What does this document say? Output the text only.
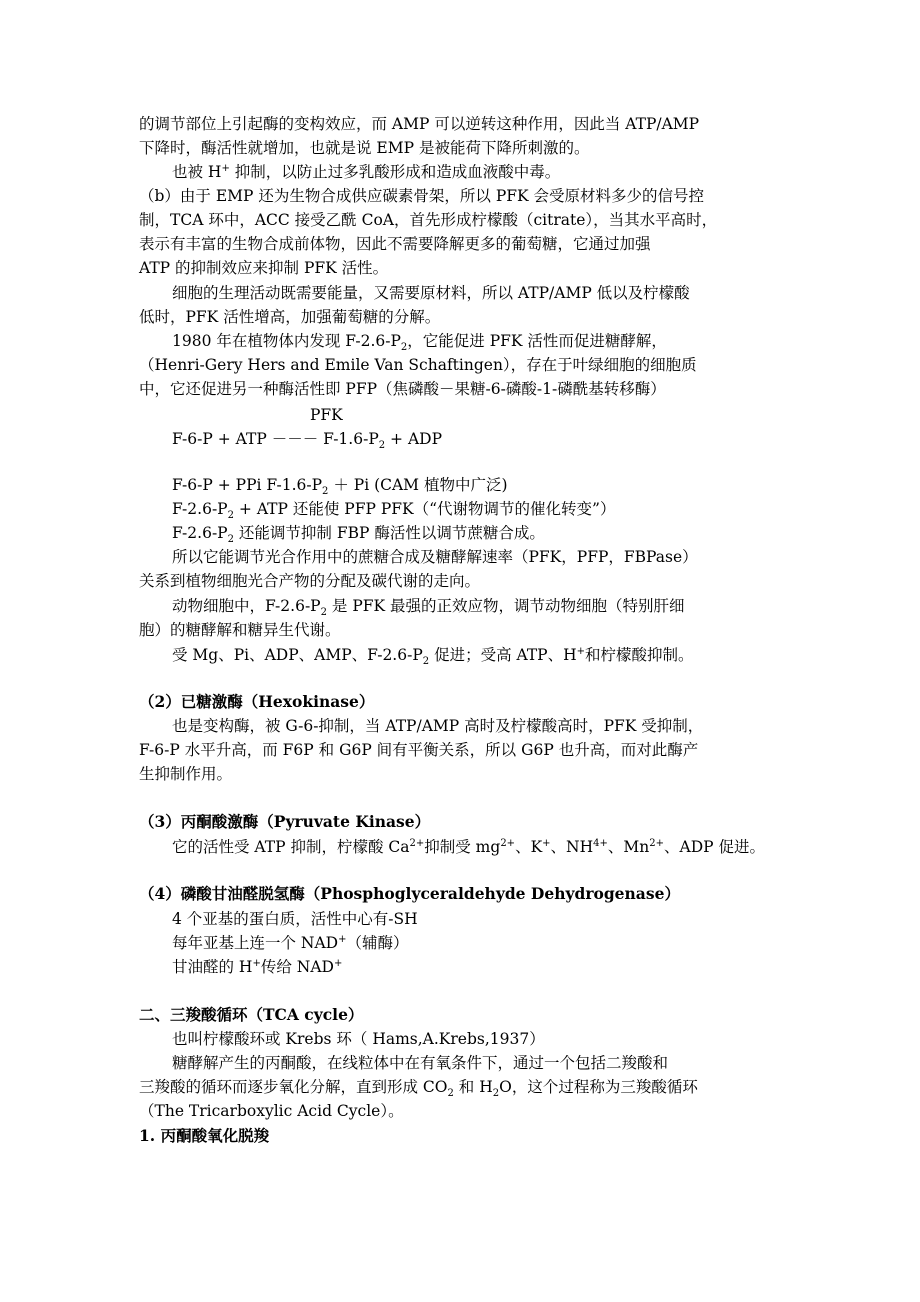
的调节部位上引起酶的变构效应，而 AMP 可以逆转这种作用，因此当 ATP/AMP
下降时，酶活性就增加，也就是说 EMP 是被能荷下降所刺激的。
也被 H+ 抑制，以防止过多乳酸形成和造成血液酸中毒。
（b）由于 EMP 还为生物合成供应碳素骨架，所以 PFK 会受原材料多少的信号控
制，TCA 环中，ACC 接受乙酰 CoA，首先形成柠檬酸（citrate），当其水平高时，
表示有丰富的生物合成前体物，因此不需要降解更多的葡萄糖，它通过加强
ATP 的抑制效应来抑制 PFK 活性。
细胞的生理活动既需要能量，又需要原材料，所以 ATP/AMP 低以及柠檬酸
低时，PFK 活性增高，加强葡萄糖的分解。
1980 年在植物体内发现 $F-2.6-P_2$，它能促进 PFK 活性而促进糖酵解，
（Henri-Gery Hers and Emile Van Schaftingen），存在于叶绿细胞的细胞质
中，它还促进另一种酶活性即 PFP（焦磷酸－果糖-6-磷酸-1-磷酰基转移酶）
PFK
F-6-P + ATP －－－ $F-1.6-P_2$ + ADP
F-6-P + PPi $F-1.6-P_2 + Pi$ (CAM 植物中广泛)
$F-2.6-P_2$ + ATP 还能使 PFP PFK（“代谢物调节的催化转变”）
$F-2.6-P_2$ 还能调节抑制 FBP 酶活性以调节蔗糖合成。
所以它能调节光合作用中的蔗糖合成及糖酵解速率（PFK，PFP，FBPase）
关系到植物细胞光合产物的分配及碳代谢的走向。
动物细胞中，$F-2.6-P_2$ 是 PFK 最强的正效应物，调节动物细胞（特别肝细
胞）的糖酵解和糖异生代谢。
受 Mg、Pi、ADP、AMP、$F-2.6-P_2$ 促进；受高 ATP、H+和柠檬酸抑制。
（2）已糖激酶（Hexokinase）
也是变构酶，被 G-6-抑制，当 ATP/AMP 高时及柠檬酸高时，PFK 受抑制，
F-6-P 水平升高，而 F6P 和 G6P 间有平衡关系，所以 G6P 也升高，而对此酶产
生抑制作用。
（3）丙酮酸激酶（Pyruvate Kinase）
它的活性受 ATP 抑制，柠檬酸 $Ca^{2+}$抑制受 $mg^{2+}$、K+、$NH^{4+}$、$Mn^{2+}$、ADP 促进。
（4）磷酸甘油醛脱氢酶（Phosphoglyceraldehyde Dehydrogenase）
4 个亚基的蛋白质，活性中心有-SH
每年亚基上连一个 NAD+（辅酶）
甘油醛的 H+传给 NAD+
二、三羧酸循环（TCA cycle）
也叫柠檬酸环或 Krebs 环（ Hams,A.Krebs,1937）
糖酵解产生的丙酮酸，在线粒体中在有氧条件下，通过一个包括二羧酸和
三羧酸的循环而逐步氧化分解，直到形成 $CO_2$ 和 $H_2O$，这个过程称为三羧酸循环
（The Tricarboxylic Acid Cycle）。
1. 丙酮酸氧化脱羧
